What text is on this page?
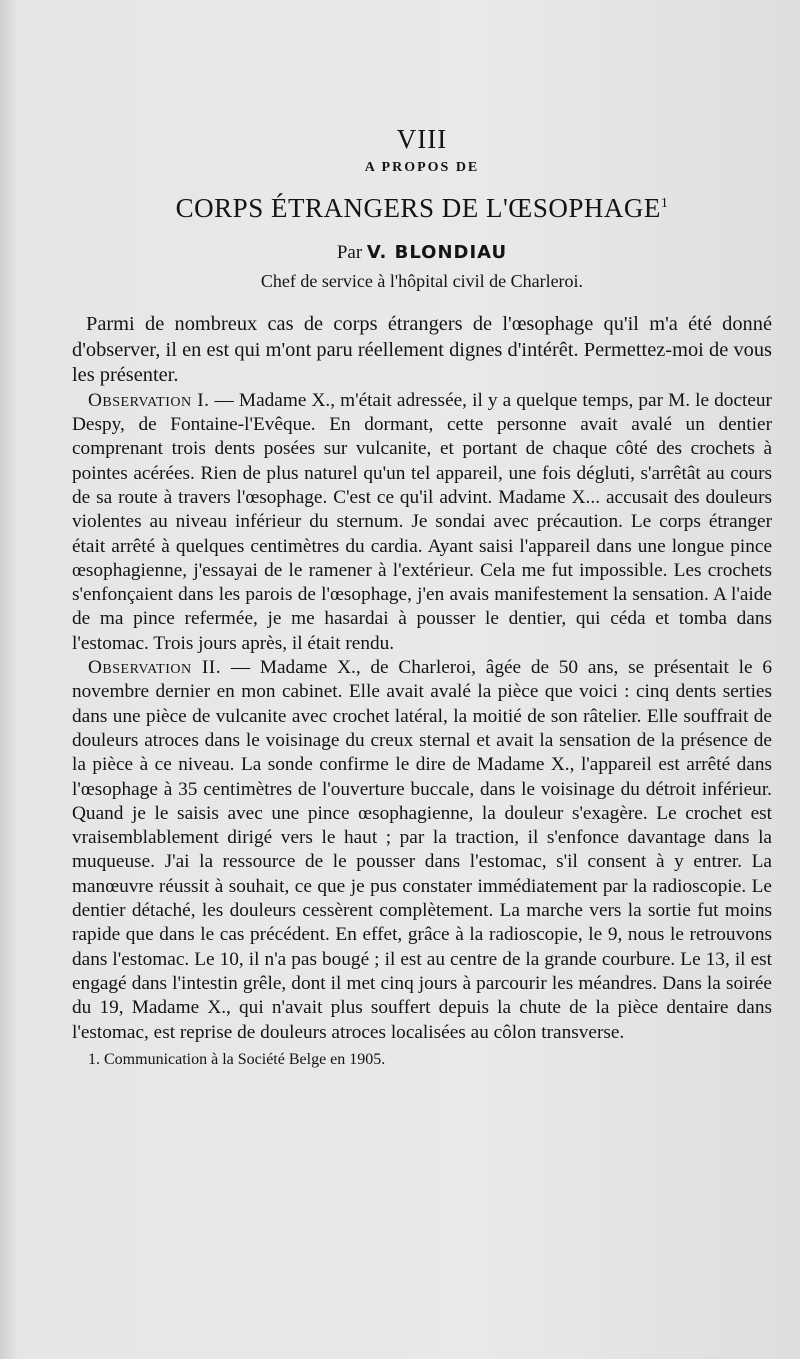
VIII

A PROPOS DE

CORPS ÉTRANGERS DE L'ŒSOPHAGE$^1$

Par V. BLONDIAU

Chef de service à l'hôpital civil de Charleroi.

Parmi de nombreux cas de corps étrangers de l'œsophage qu'il m'a été donné d'observer, il en est qui m'ont paru réellement dignes d'intérêt. Permettez-moi de vous les présenter.

Observation I. — Madame X., m'était adressée, il y a quelque temps, par M. le docteur Despy, de Fontaine-l'Evêque. En dormant, cette personne avait avalé un dentier comprenant trois dents posées sur vulcanite, et portant de chaque côté des crochets à pointes acérées. Rien de plus naturel qu'un tel appareil, une fois dégluti, s'arrêtât au cours de sa route à travers l'œsophage. C'est ce qu'il advint. Madame X... accusait des douleurs violentes au niveau inférieur du sternum. Je sondai avec précaution. Le corps étranger était arrêté à quelques centimètres du cardia. Ayant saisi l'appareil dans une longue pince œsophagienne, j'essayai de le ramener à l'extérieur. Cela me fut impossible. Les crochets s'enfonçaient dans les parois de l'œsophage, j'en avais manifestement la sensation. A l'aide de ma pince refermée, je me hasardai à pousser le dentier, qui céda et tomba dans l'estomac. Trois jours après, il était rendu.

Observation II. — Madame X., de Charleroi, âgée de 50 ans, se présentait le 6 novembre dernier en mon cabinet. Elle avait avalé la pièce que voici : cinq dents serties dans une pièce de vulcanite avec crochet latéral, la moitié de son râtelier. Elle souffrait de douleurs atroces dans le voisinage du creux sternal et avait la sensation de la présence de la pièce à ce niveau. La sonde confirme le dire de Madame X., l'appareil est arrêté dans l'œsophage à 35 centimètres de l'ouverture buccale, dans le voisinage du détroit inférieur. Quand je le saisis avec une pince œsophagienne, la douleur s'exagère. Le crochet est vraisemblablement dirigé vers le haut ; par la traction, il s'enfonce davantage dans la muqueuse. J'ai la ressource de le pousser dans l'estomac, s'il consent à y entrer. La manœuvre réussit à souhait, ce que je pus constater immédiatement par la radioscopie. Le dentier détaché, les douleurs cessèrent complètement. La marche vers la sortie fut moins rapide que dans le cas précédent. En effet, grâce à la radioscopie, le 9, nous le retrouvons dans l'estomac. Le 10, il n'a pas bougé ; il est au centre de la grande courbure. Le 13, il est engagé dans l'intestin grêle, dont il met cinq jours à parcourir les méandres. Dans la soirée du 19, Madame X., qui n'avait plus souffert depuis la chute de la pièce dentaire dans l'estomac, est reprise de douleurs atroces localisées au côlon transverse.

1. Communication à la Société Belge en 1905.
